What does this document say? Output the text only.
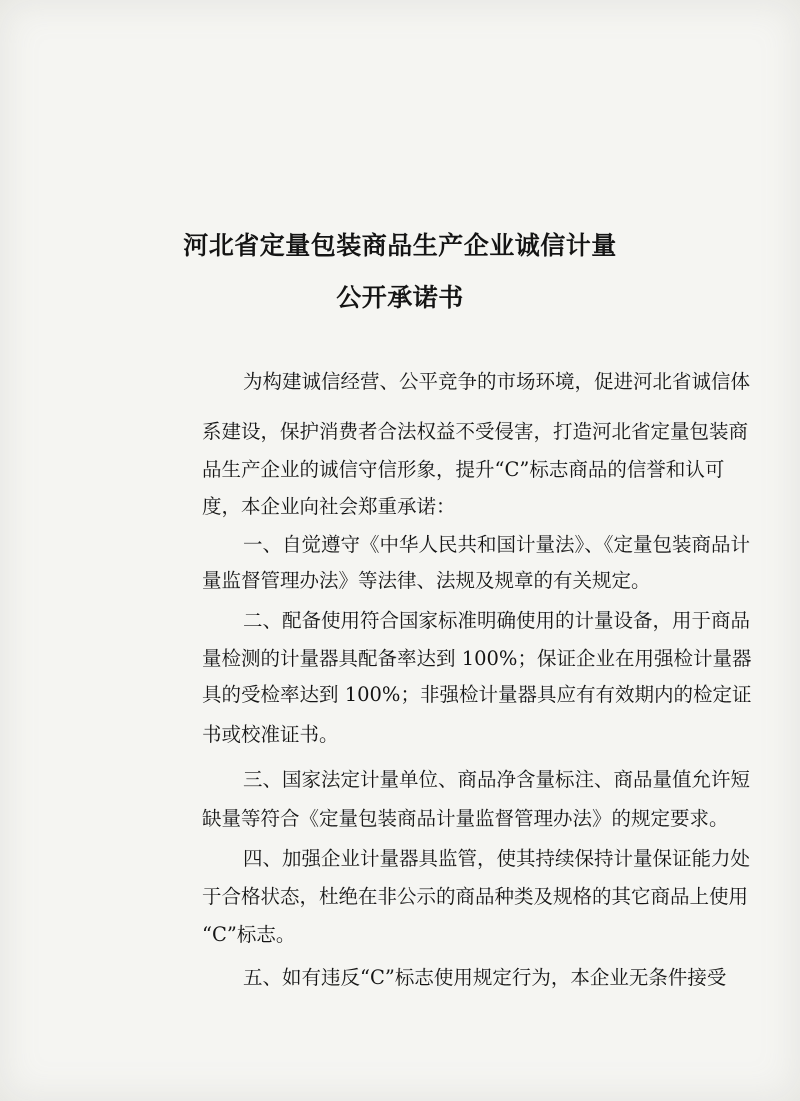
河北省定量包装商品生产企业诚信计量
公开承诺书
为构建诚信经营、公平竞争的市场环境，促进河北省诚信体
系建设，保护消费者合法权益不受侵害，打造河北省定量包装商
品生产企业的诚信守信形象，提升“C”标志商品的信誉和认可
度，本企业向社会郑重承诺：
一、自觉遵守《中华人民共和国计量法》、《定量包装商品计
量监督管理办法》等法律、法规及规章的有关规定。
二、配备使用符合国家标准明确使用的计量设备，用于商品
量检测的计量器具配备率达到 100%；保证企业在用强检计量器
具的受检率达到 100%；非强检计量器具应有有效期内的检定证
书或校准证书。
三、国家法定计量单位、商品净含量标注、商品量值允许短
缺量等符合《定量包装商品计量监督管理办法》的规定要求。
四、加强企业计量器具监管，使其持续保持计量保证能力处
于合格状态，杜绝在非公示的商品种类及规格的其它商品上使用
“C”标志。
五、如有违反“C”标志使用规定行为，本企业无条件接受
